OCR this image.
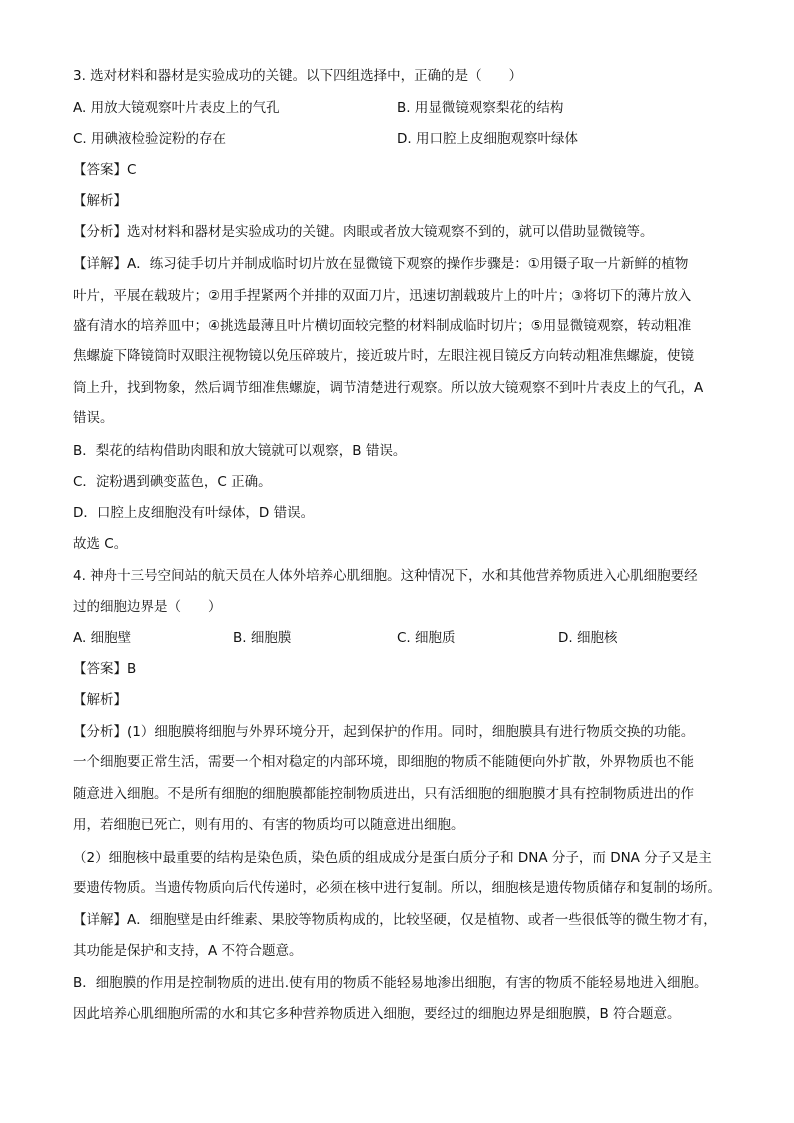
3. 选对材料和器材是实验成功的关键。以下四组选择中，正确的是（　　）
A. 用放大镜观察叶片表皮上的气孔	B. 用显微镜观察梨花的结构
C. 用碘液检验淀粉的存在	D. 用口腔上皮细胞观察叶绿体
【答案】C
【解析】
【分析】选对材料和器材是实验成功的关键。肉眼或者放大镜观察不到的，就可以借助显微镜等。
【详解】A．练习徒手切片并制成临时切片放在显微镜下观察的操作步骤是：①用镊子取一片新鲜的植物
叶片，平展在载玻片；②用手捏紧两个并排的双面刀片，迅速切割载玻片上的叶片；③将切下的薄片放入
盛有清水的培养皿中；④挑选最薄且叶片横切面较完整的材料制成临时切片；⑤用显微镜观察，转动粗准
焦螺旋下降镜筒时双眼注视物镜以免压碎玻片，接近玻片时，左眼注视目镜反方向转动粗准焦螺旋，使镜
筒上升，找到物象，然后调节细准焦螺旋，调节清楚进行观察。所以放大镜观察不到叶片表皮上的气孔，A
错误。
B．梨花的结构借助肉眼和放大镜就可以观察，B 错误。
C．淀粉遇到碘变蓝色，C 正确。
D．口腔上皮细胞没有叶绿体，D 错误。
故选 C。
4. 神舟十三号空间站的航天员在人体外培养心肌细胞。这种情况下，水和其他营养物质进入心肌细胞要经
过的细胞边界是（　　）
A. 细胞壁	B. 细胞膜	C. 细胞质	D. 细胞核
【答案】B
【解析】
【分析】(1）细胞膜将细胞与外界环境分开，起到保护的作用。同时，细胞膜具有进行物质交换的功能。
一个细胞要正常生活，需要一个相对稳定的内部环境，即细胞的物质不能随便向外扩散，外界物质也不能
随意进入细胞。不是所有细胞的细胞膜都能控制物质进出，只有活细胞的细胞膜才具有控制物质进出的作
用，若细胞已死亡，则有用的、有害的物质均可以随意进出细胞。
（2）细胞核中最重要的结构是染色质，染色质的组成成分是蛋白质分子和 DNA 分子，而 DNA 分子又是主
要遗传物质。当遗传物质向后代传递时，必须在核中进行复制。所以，细胞核是遗传物质储存和复制的场所。
【详解】A．细胞壁是由纤维素、果胶等物质构成的，比较坚硬，仅是植物、或者一些很低等的微生物才有，
其功能是保护和支持，A 不符合题意。
B．细胞膜的作用是控制物质的进出.使有用的物质不能轻易地渗出细胞，有害的物质不能轻易地进入细胞。
因此培养心肌细胞所需的水和其它多种营养物质进入细胞，要经过的细胞边界是细胞膜，B 符合题意。
